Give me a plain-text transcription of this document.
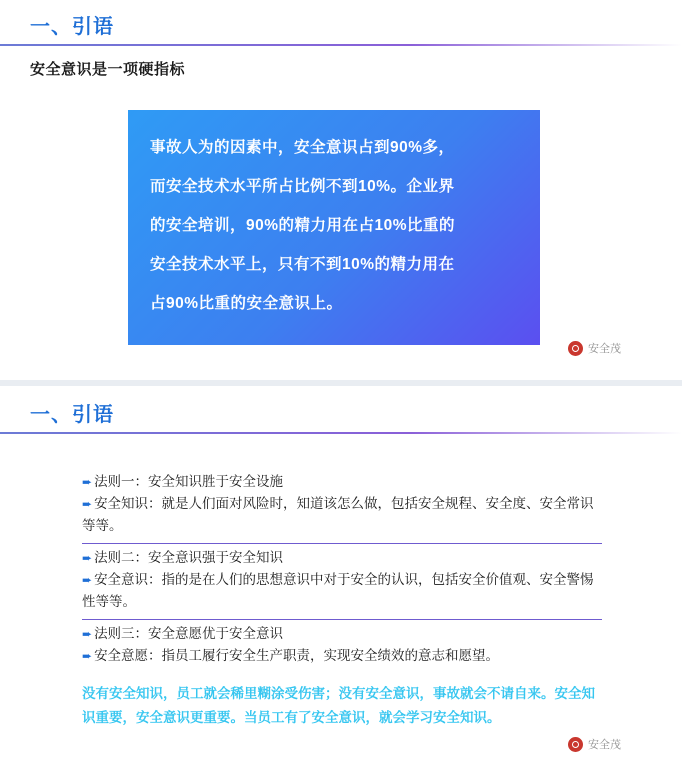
一、引语
安全意识是一项硬指标

事故人为的因素中，安全意识占到90%多，

而安全技术水平所占比例不到10%。企业界

的安全培训，90%的精力用在占10%比重的

安全技术水平上，只有不到10%的精力用在

占90%比重的安全意识上。

安全茂
一、引语

➨ 法则一：安全知识胜于安全设施

➨ 安全知识：就是人们面对风险时，知道该怎么做，包括安全规程、安全度、安全常识等等。

➨ 法则二：安全意识强于安全知识

➨ 安全意识：指的是在人们的思想意识中对于安全的认识，包括安全价值观、安全警惕性等等。

➨ 法则三：安全意愿优于安全意识

➨ 安全意愿：指员工履行安全生产职责，实现安全绩效的意志和愿望。

没有安全知识，员工就会稀里糊涂受伤害；没有安全意识，事故就会不请自来。安全知识重要，安全意识更重要。当员工有了安全意识，就会学习安全知识。
安全茂
